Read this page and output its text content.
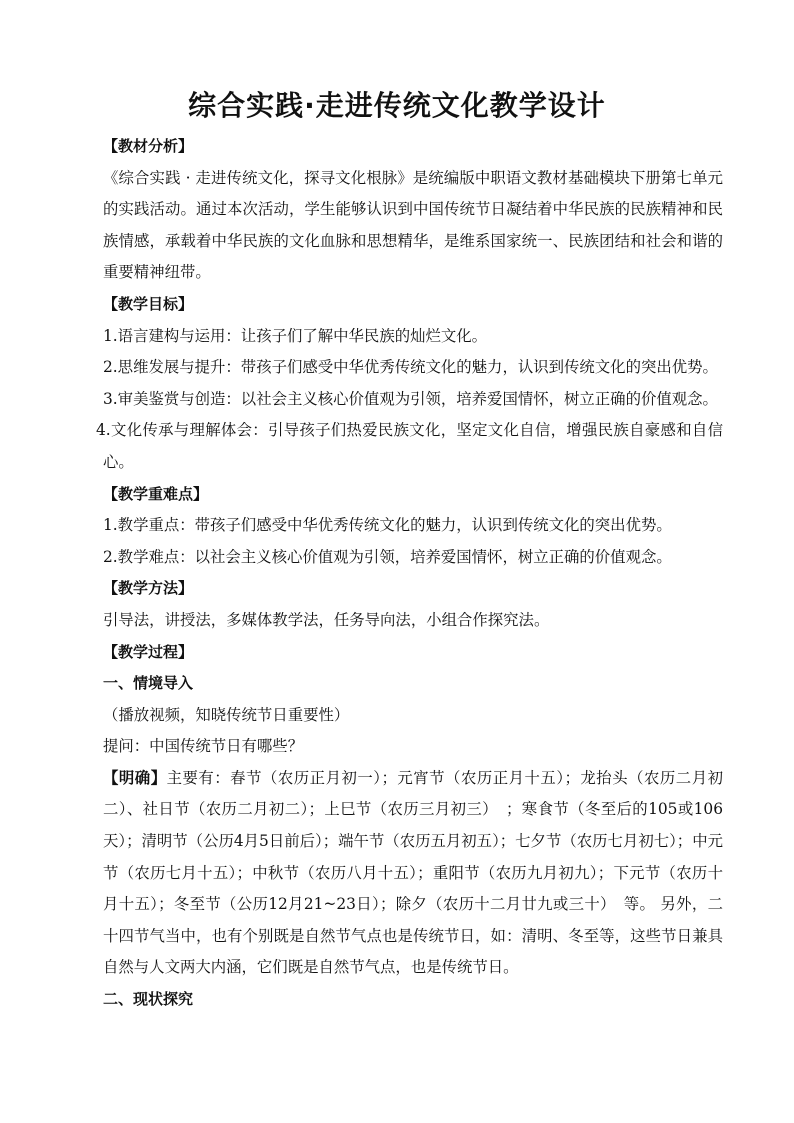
综合实践·走进传统文化教学设计

【教材分析】

《综合实践 · 走进传统文化，探寻文化根脉》是统编版中职语文教材基础模块下册第七单元的实践活动。通过本次活动，学生能够认识到中国传统节日凝结着中华民族的民族精神和民族情感，承载着中华民族的文化血脉和思想精华，是维系国家统一、民族团结和社会和谐的重要精神纽带。

【教学目标】

1.语言建构与运用：让孩子们了解中华民族的灿烂文化。

2.思维发展与提升：带孩子们感受中华优秀传统文化的魅力，认识到传统文化的突出优势。

3.审美鉴赏与创造：以社会主义核心价值观为引领，培养爱国情怀，树立正确的价值观念。

4.文化传承与理解体会：引导孩子们热爱民族文化，坚定文化自信，增强民族自豪感和自信心。

【教学重难点】

1.教学重点：带孩子们感受中华优秀传统文化的魅力，认识到传统文化的突出优势。

2.教学难点：以社会主义核心价值观为引领，培养爱国情怀，树立正确的价值观念。

【教学方法】

引导法，讲授法，多媒体教学法，任务导向法，小组合作探究法。

【教学过程】

一、情境导入

（播放视频，知晓传统节日重要性）

提问：中国传统节日有哪些？

【明确】主要有：春节（农历正月初一）；元宵节（农历正月十五）；龙抬头（农历二月初二）、社日节（农历二月初二）；上巳节（农历三月初三）　；寒食节（冬至后的105或106天）；清明节（公历4月5日前后）；端午节（农历五月初五）；七夕节（农历七月初七）；中元节（农历七月十五）；中秋节（农历八月十五）；重阳节（农历九月初九）；下元节（农历十月十五）；冬至节（公历12月21~23日）；除夕（农历十二月廿九或三十）　等。 另外，二十四节气当中，也有个别既是自然节气点也是传统节日，如：清明、冬至等，这些节日兼具自然与人文两大内涵，它们既是自然节气点，也是传统节日。

二、现状探究
